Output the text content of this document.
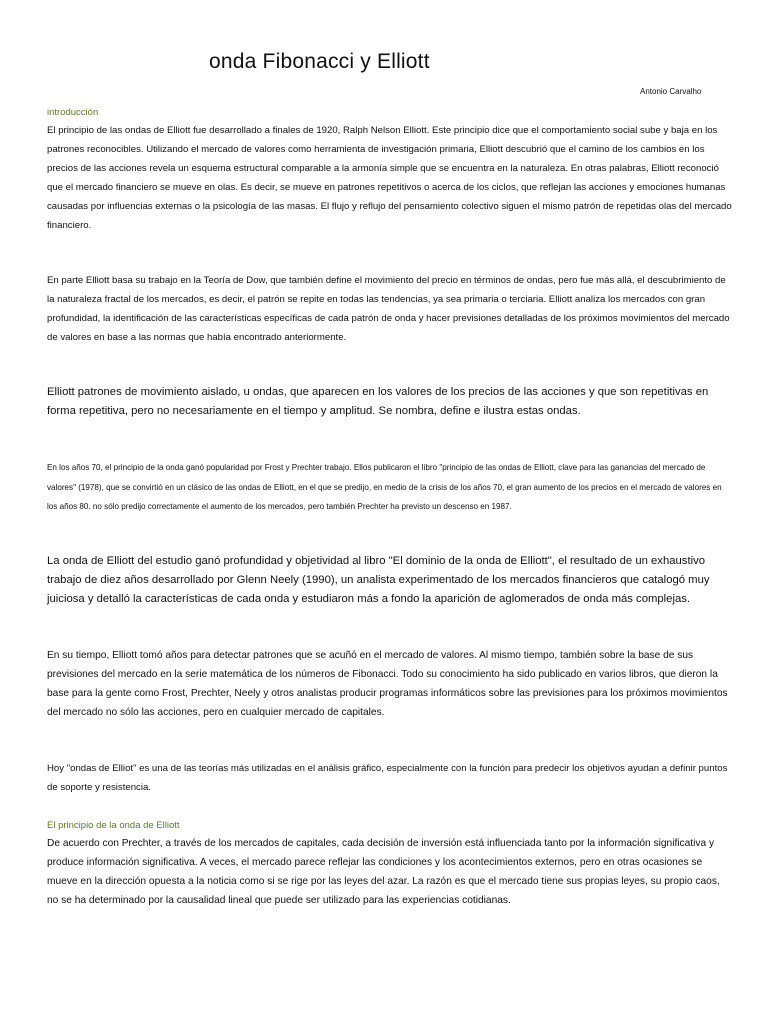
onda Fibonacci y Elliott
Antonio Carvalho
introducción

El principio de las ondas de Elliott fue desarrollado a finales de 1920, Ralph Nelson Elliott. Este principio dice que el comportamiento social sube y baja en los patrones reconocibles. Utilizando el mercado de valores como herramienta de investigación primaria, Elliott descubrió que el camino de los cambios en los precios de las acciones revela un esquema estructural comparable a la armonía simple que se encuentra en la naturaleza. En otras palabras, Elliott reconoció que el mercado financiero se mueve en olas. Es decir, se mueve en patrones repetitivos o acerca de los ciclos, que reflejan las acciones y emociones humanas causadas por influencias externas o la psicología de las masas. El flujo y reflujo del pensamiento colectivo siguen el mismo patrón de repetidas olas del mercado financiero.

En parte Elliott basa su trabajo en la Teoría de Dow, que también define el movimiento del precio en términos de ondas, pero fue más allá, el descubrimiento de la naturaleza fractal de los mercados, es decir, el patrón se repite en todas las tendencias, ya sea primaria o terciaria. Elliott analiza los mercados con gran profundidad, la identificación de las características específicas de cada patrón de onda y hacer previsiones detalladas de los próximos movimientos del mercado de valores en base a las normas que había encontrado anteriormente.

Elliott patrones de movimiento aislado, u ondas, que aparecen en los valores de los precios de las acciones y que son repetitivas en forma repetitiva, pero no necesariamente en el tiempo y amplitud. Se nombra, define e ilustra estas ondas.

En los años 70, el principio de la onda ganó popularidad por Frost y Prechter trabajo. Ellos publicaron el libro "principio de las ondas de Elliott, clave para las ganancias del mercado de valores" (1978), que se convirtió en un clásico de las ondas de Elliott, en el que se predijo, en medio de la crisis de los años 70, el gran aumento de los precios en el mercado de valores en los años 80. no sólo predijo correctamente el aumento de los mercados, pero también Prechter ha previsto un descenso en 1987.

La onda de Elliott del estudio ganó profundidad y objetividad al libro "El dominio de la onda de Elliott", el resultado de un exhaustivo trabajo de diez años desarrollado por Glenn Neely (1990), un analista experimentado de los mercados financieros que catalogó muy juiciosa y detalló la características de cada onda y estudiaron más a fondo la aparición de aglomerados de onda más complejas.

En su tiempo, Elliott tomó años para detectar patrones que se acuñó en el mercado de valores. Al mismo tiempo, también sobre la base de sus previsiones del mercado en la serie matemática de los números de Fibonacci. Todo su conocimiento ha sido publicado en varios libros, que dieron la base para la gente como Frost, Prechter, Neely y otros analistas producir programas informáticos sobre las previsiones para los próximos movimientos del mercado no sólo las acciones, pero en cualquier mercado de capitales.

Hoy "ondas de Elliot" es una de las teorías más utilizadas en el análisis gráfico, especialmente con la función para predecir los objetivos ayudan a definir puntos de soporte y resistencia.

El principio de la onda de Elliott

De acuerdo con Prechter, a través de los mercados de capitales, cada decisión de inversión está influenciada tanto por la información significativa y produce información significativa. A veces, el mercado parece reflejar las condiciones y los acontecimientos externos, pero en otras ocasiones se mueve en la dirección opuesta a la noticia como si se rige por las leyes del azar. La razón es que el mercado tiene sus propias leyes, su propio caos, no se ha determinado por la causalidad lineal que puede ser utilizado para las experiencias cotidianas.
